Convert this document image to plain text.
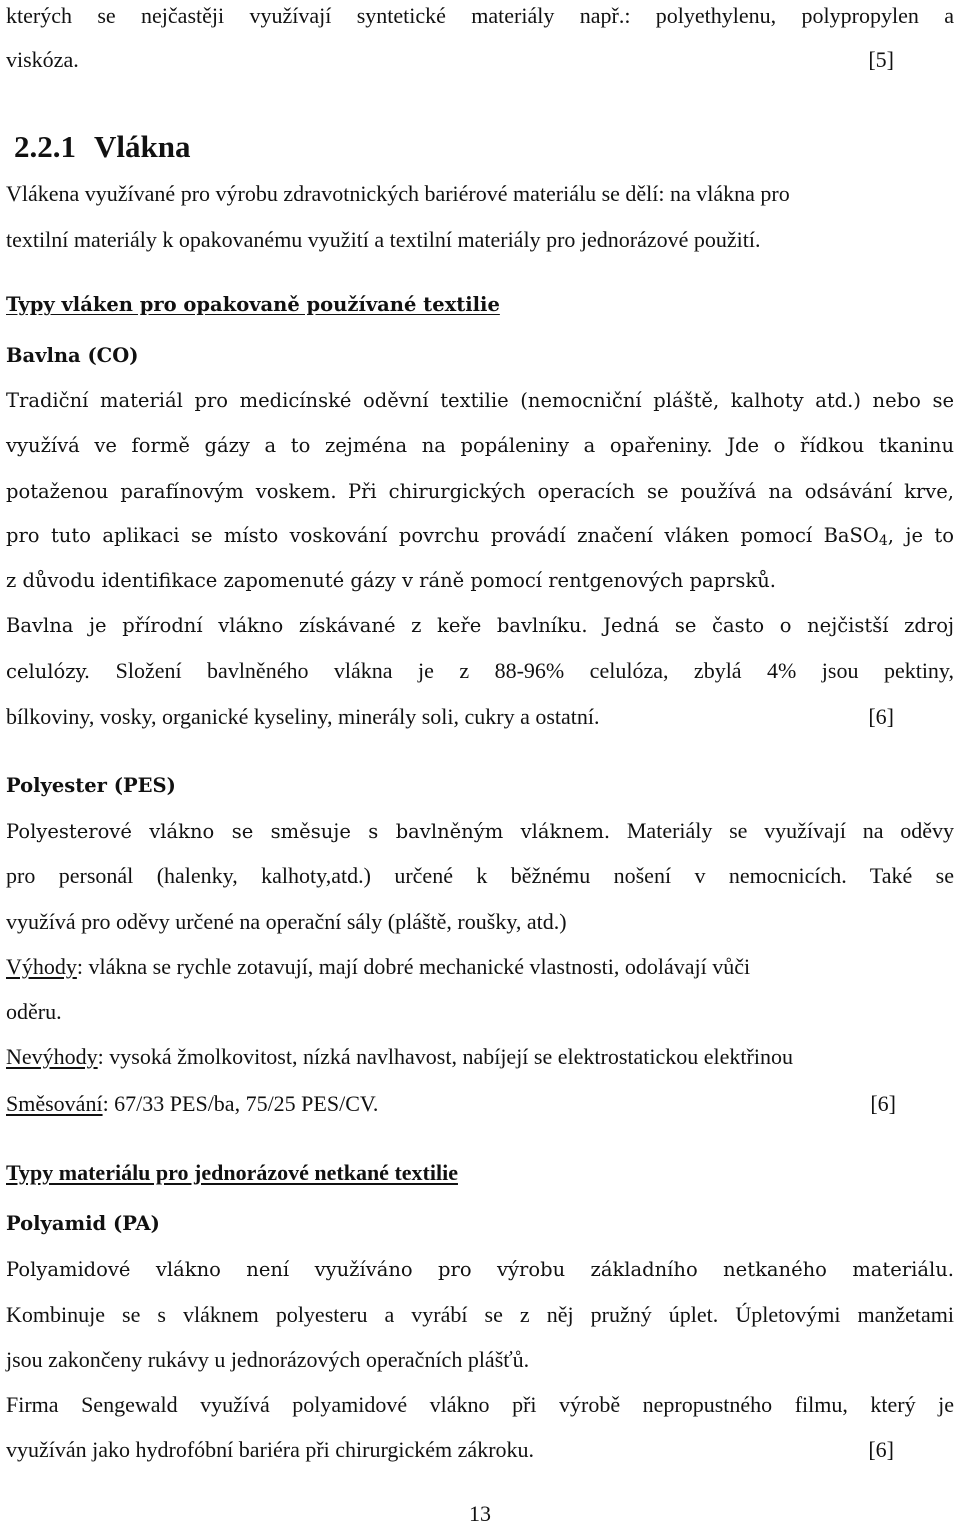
kterých se nejčastěji využívají syntetické materiály např.: polyethylenu, polypropylen a

viskóza.	[5]

2.2.1 Vlákna

Vlákena využívané pro výrobu zdravotnických bariérové materiálu se dělí: na vlákna pro

textilní materiály k opakovanému využití a textilní materiály pro jednorázové použití.

Typy vláken pro opakovaně používané textilie

Bavlna (CO)

Tradiční materiál pro medicínské oděvní textilie (nemocniční pláště, kalhoty atd.) nebo se

využívá ve formě gázy a to zejména na popáleniny a opařeniny. Jde o řídkou tkaninu

potaženou parafínovým voskem. Při chirurgických operacích se používá na odsávání krve,

pro tuto aplikaci se místo voskování povrchu provádí značení vláken pomocí BaSO$_4$, je to

z důvodu identifikace zapomenuté gázy v ráně pomocí rentgenových paprsků.

Bavlna je přírodní vlákno získávané z keře bavlníku. Jedná se často o nejčistší zdroj

celulózy. Složení bavlněného vlákna je z 88-96% celulóza, zbylá 4% jsou pektiny,

bílkoviny, vosky, organické kyseliny, minerály soli, cukry a ostatní.	[6]

Polyester (PES)

Polyesterové vlákno se směsuje s bavlněným vláknem. Materiály se využívají na oděvy

pro personál (halenky, kalhoty,atd.) určené k běžnému nošení v nemocnicích. Také se

využívá pro oděvy určené na operační sály (pláště, roušky, atd.)

Výhody: vlákna se rychle zotavují, mají dobré mechanické vlastnosti, odolávají vůči

oděru.

Nevýhody: vysoká žmolkovitost, nízká navlhavost, nabíjejí se elektrostatickou elektřinou

Směsování: 67/33 PES/ba, 75/25 PES/CV.	[6]

Typy materiálu pro jednorázové netkané textilie

Polyamid (PA)

Polyamidové vlákno není využíváno pro výrobu základního netkaného materiálu.

Kombinuje se s vláknem polyesteru a vyrábí se z něj pružný úplet. Úpletovými manžetami

jsou zakončeny rukávy u jednorázových operačních plášťů.

Firma Sengewald využívá polyamidové vlákno při výrobě nepropustného filmu, který je

využíván jako hydrofóbní bariéra při chirurgickém zákroku.	[6]

13
